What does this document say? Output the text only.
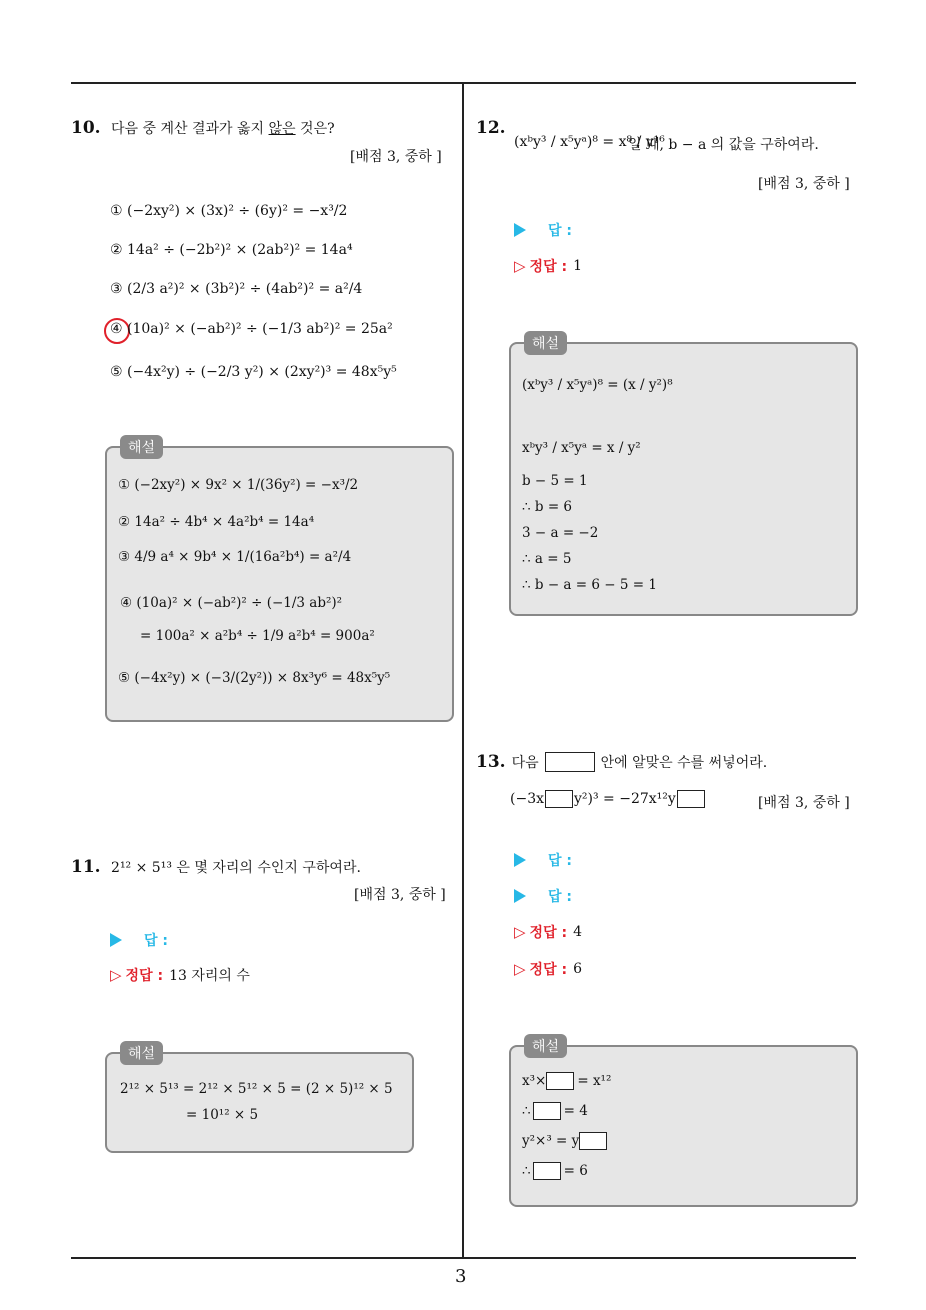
3
10. 다음 중 계산 결과가 옳지 않은 것은?
[배점 3, 중하 ]
① (−2xy²) × (3x)² ÷ (6y)² = −x³/2
② 14a² ÷ (−2b²)² × (2ab²)² = 14a⁴
③ (2/3 a²)² × (3b²)² ÷ (4ab²)² = a²/4
④ (10a)² × (−ab²)² ÷ (−1/3 ab²)² = 25a²
⑤ (−4x²y) ÷ (−2/3 y²) × (2xy²)³ = 48x⁵y⁵
해설
① (−2xy²) × 9x² × 1/(36y²) = −x³/2
② 14a² ÷ 4b⁴ × 4a²b⁴ = 14a⁴
③ 4/9 a⁴ × 9b⁴ × 1/(16a²b⁴) = a²/4
④ (10a)² × (−ab²)² ÷ (−1/3 ab²)²
= 100a² × a²b⁴ ÷ 1/9 a²b⁴ = 900a²
⑤ (−4x²y) × (−3/(2y²)) × 8x³y⁶ = 48x⁵y⁵
11. 2¹² × 5¹³ 은 몇 자리의 수인지 구하여라.
[배점 3, 중하 ]
답 :
▷ 정답 : 13 자리의 수
해설
2¹² × 5¹³ = 2¹² × 5¹² × 5 = (2 × 5)¹² × 5
= 10¹² × 5
12.
(xᵇy³ / x⁵yᵃ)⁸ = x⁸ / y¹⁶
일 때, b − a 의 값을 구하여라.
[배점 3, 중하 ]
답 :
▷ 정답 : 1
해설
(xᵇy³ / x⁵yᵃ)⁸ = (x / y²)⁸
xᵇy³ / x⁵yᵃ = x / y²
b − 5 = 1
∴ b = 6
3 − a = −2
∴ a = 5
∴ b − a = 6 − 5 = 1
13. 다음	안에 알맞은 수를 써넣어라.
(−3x y²)³ = −27x¹²y	[배점 3, 중하 ]
답 :
답 :
▷ 정답 : 4
▷ 정답 : 6
해설
x³× = x¹²
∴ = 4
y²×³ = y
∴ = 6
